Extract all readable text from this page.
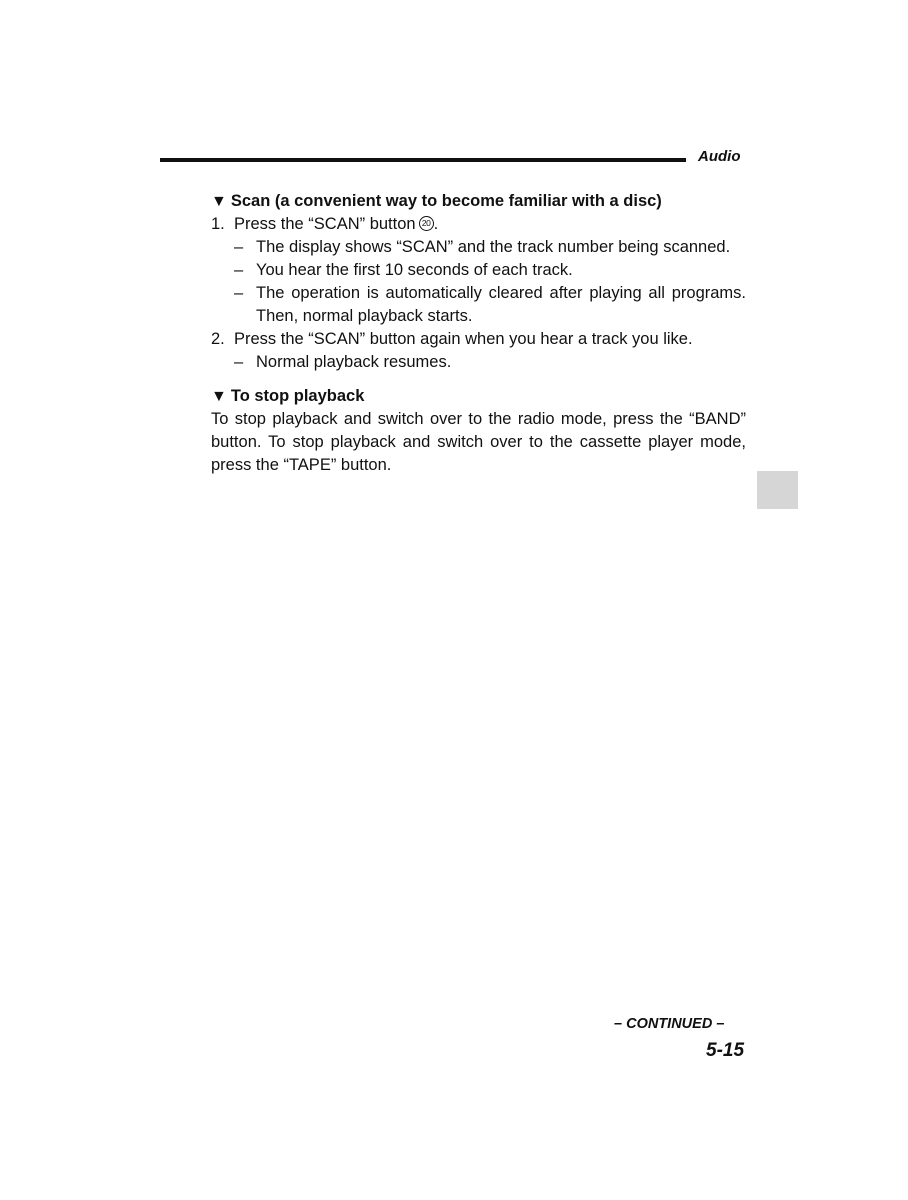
Audio

▼ Scan (a convenient way to become familiar with a disc)

1. Press the “SCAN” button 20 .
– The display shows “SCAN” and the track number being scanned.
– You hear the first 10 seconds of each track.
– The operation is automatically cleared after playing all programs. Then, normal playback starts.
2. Press the “SCAN” button again when you hear a track you like.
– Normal playback resumes.

▼ To stop playback

To stop playback and switch over to the radio mode, press the “BAND” button. To stop playback and switch over to the cassette player mode, press the “TAPE” button.

– CONTINUED –
5-15
